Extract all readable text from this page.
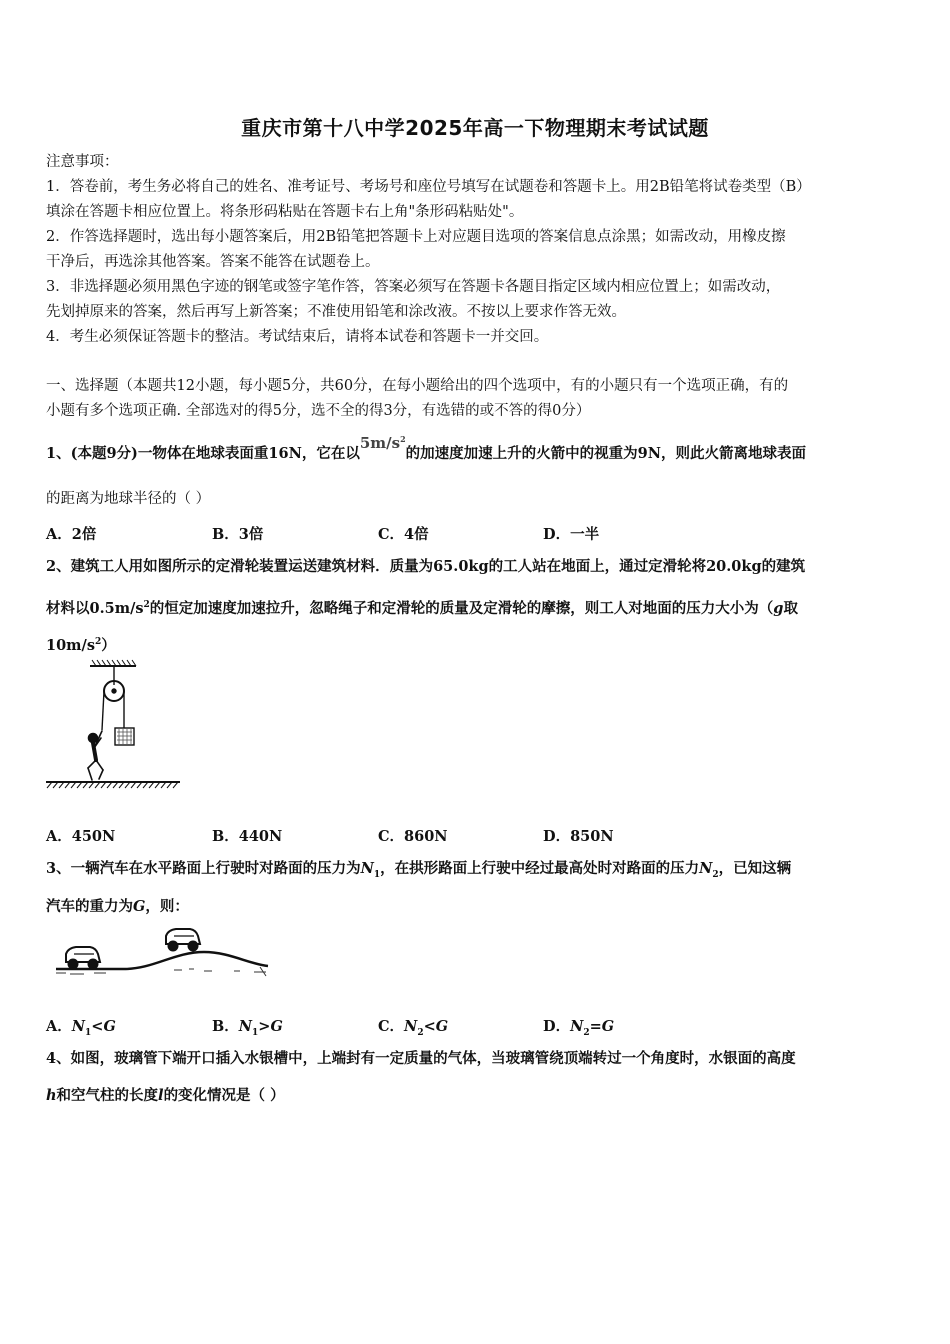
重庆市第十八中学2025年高一下物理期末考试试题
注意事项：
1．答卷前，考生务必将自己的姓名、准考证号、考场号和座位号填写在试题卷和答题卡上。用2B铅笔将试卷类型（B）
填涂在答题卡相应位置上。将条形码粘贴在答题卡右上角"条形码粘贴处"。
2．作答选择题时，选出每小题答案后，用2B铅笔把答题卡上对应题目选项的答案信息点涂黑；如需改动，用橡皮擦
干净后，再选涂其他答案。答案不能答在试题卷上。
3．非选择题必须用黑色字迹的钢笔或签字笔作答，答案必须写在答题卡各题目指定区域内相应位置上；如需改动，
先划掉原来的答案，然后再写上新答案；不准使用铅笔和涂改液。不按以上要求作答无效。
4．考生必须保证答题卡的整洁。考试结束后，请将本试卷和答题卡一并交回。
一、选择题（本题共12小题，每小题5分，共60分，在每小题给出的四个选项中，有的小题只有一个选项正确，有的
小题有多个选项正确. 全部选对的得5分，选不全的得3分，有选错的或不答的得0分）
1、(本题9分)一物体在地球表面重16N，它在以$5m/s^2$的加速度加速上升的火箭中的视重为9N，则此火箭离地球表面
的距离为地球半径的（ ）
A．2倍	B．3倍	C．4倍	D．一半
2、建筑工人用如图所示的定滑轮装置运送建筑材料．质量为65.0kg的工人站在地面上，通过定滑轮将20.0kg的建筑
材料以$0.5m/s^2$的恒定加速度加速拉升，忽略绳子和定滑轮的质量及定滑轮的摩擦，则工人对地面的压力大小为（g取
$10m/s^2$）
A．450N	B．440N	C．860N	D．850N
3、一辆汽车在水平路面上行驶时对路面的压力为$N_1$，在拱形路面上行驶中经过最高处时对路面的压力$N_2$，已知这辆
汽车的重力为G，则：
A．$N_1<G$	B．$N_1>G$	C．$N_2<G$	D．$N_2=G$
4、如图，玻璃管下端开口插入水银槽中，上端封有一定质量的气体，当玻璃管绕顶端转过一个角度时，水银面的高度
h和空气柱的长度l的变化情况是（ ）
